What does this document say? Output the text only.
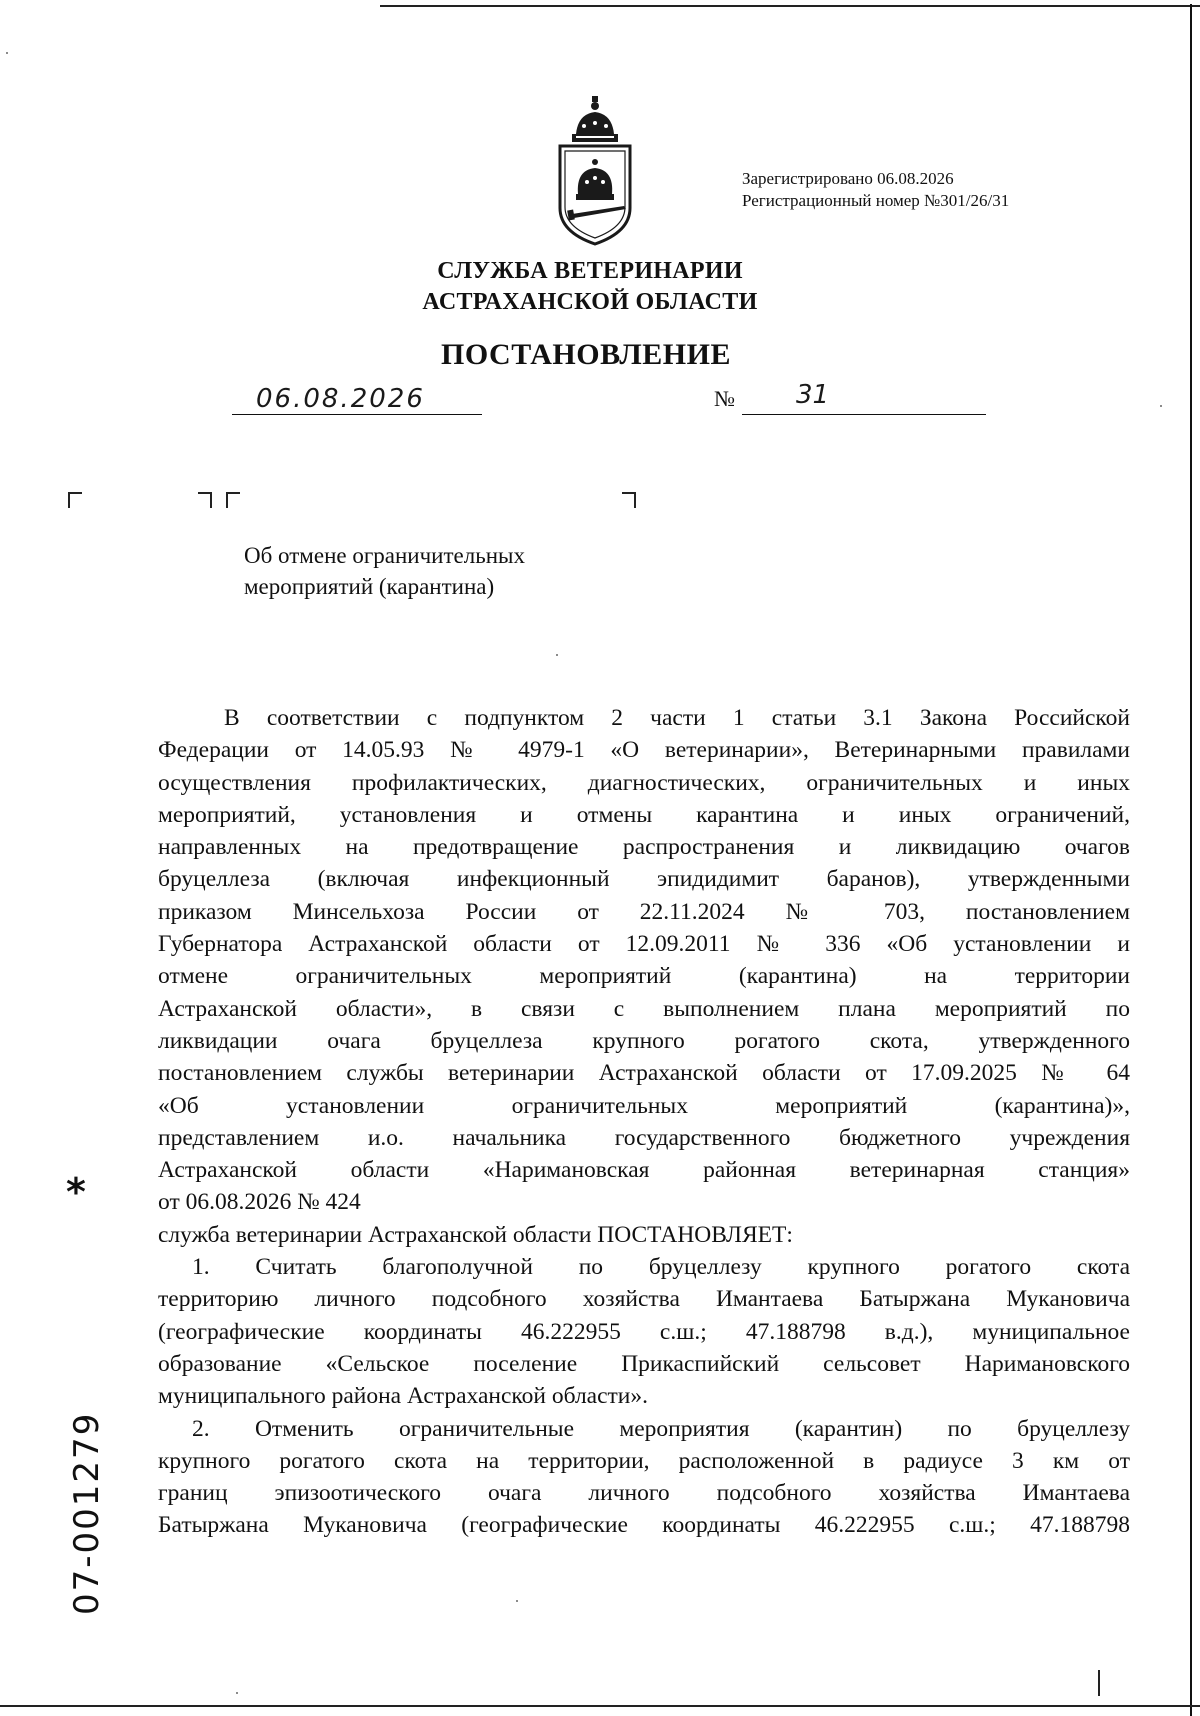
Зарегистрировано 06.08.2026
Регистрационный номер №301/26/31
СЛУЖБА ВЕТЕРИНАРИИ
АСТРАХАНСКОЙ ОБЛАСТИ
ПОСТАНОВЛЕНИЕ
06.08.2026	№ 31
Об отмене ограничительных
мероприятий (карантина)
В соответствии с подпунктом 2 части 1 статьи 3.1 Закона Российской
Федерации от 14.05.93 № 4979-1 «О ветеринарии», Ветеринарными правилами
осуществления профилактических, диагностических, ограничительных и иных
мероприятий, установления и отмены карантина и иных ограничений,
направленных на предотвращение распространения и ликвидацию очагов
бруцеллеза (включая инфекционный эпидидимит баранов), утвержденными
приказом Минсельхоза России от 22.11.2024 № 703, постановлением
Губернатора Астраханской области от 12.09.2011 № 336 «Об установлении и
отмене ограничительных мероприятий (карантина) на территории
Астраханской области», в связи с выполнением плана мероприятий по
ликвидации очага бруцеллеза крупного рогатого скота, утвержденного
постановлением службы ветеринарии Астраханской области от 17.09.2025 № 64
«Об установлении ограничительных мероприятий (карантина)»,
представлением и.о. начальника государственного бюджетного учреждения
Астраханской области «Наримановская районная ветеринарная станция»
от 06.08.2026 № 424
служба ветеринарии Астраханской области ПОСТАНОВЛЯЕТ:
1. Считать благополучной по бруцеллезу крупного рогатого скота
территорию личного подсобного хозяйства Имантаева Батыржана Мукановича
(географические координаты 46.222955 с.ш.; 47.188798 в.д.), муниципальное
образование «Сельское поселение Прикаспийский сельсовет Наримановского
муниципального района Астраханской области».
2. Отменить ограничительные мероприятия (карантин) по бруцеллезу
крупного рогатого скота на территории, расположенной в радиусе 3 км от
границ эпизоотического очага личного подсобного хозяйства Имантаева
Батыржана Мукановича (географические координаты 46.222955 с.ш.; 47.188798
*
07-001279
